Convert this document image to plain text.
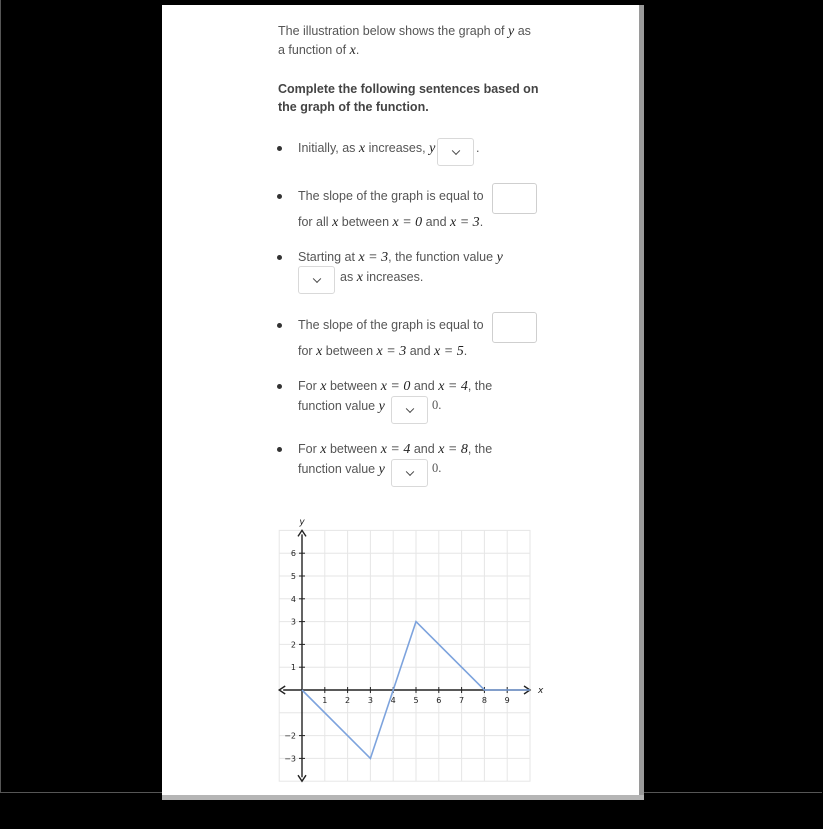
The illustration below shows the graph of y as
a function of x.
Complete the following sentences based on
the graph of the function.
Initially, as x increases, y	.
The slope of the graph is equal to
for all x between x = 0 and x = 3.
Starting at x = 3, the function value y
as x increases.
The slope of the graph is equal to
for x between x = 3 and x = 5.
For x between x = 0 and x = 4, the
function value y	0.
For x between x = 4 and x = 8, the
function value y	0.
1 2 3 4 5 6 7 8 9
6
5
4
3
2
1
−2
−3
x
y
